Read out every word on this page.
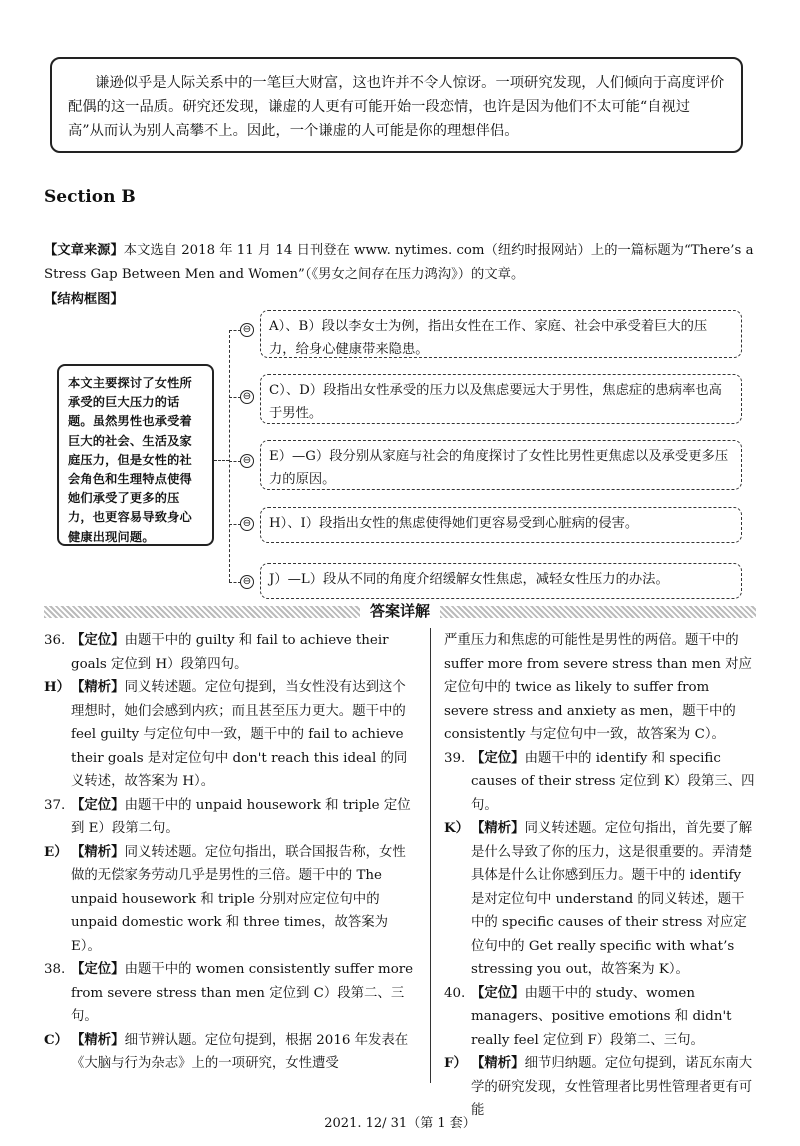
谦逊似乎是人际关系中的一笔巨大财富，这也许并不令人惊讶。一项研究发现，人们倾向于高度评价配偶的这一品质。研究还发现，谦虚的人更有可能开始一段恋情，也许是因为他们不太可能“自视过高”从而认为别人高攀不上。因此，一个谦虚的人可能是你的理想伴侣。
Section B
【文章来源】本文选自 2018 年 11 月 14 日刊登在 www. nytimes. com（纽约时报网站）上的一篇标题为“There’s a Stress Gap Between Men and Women”（《男女之间存在压力鸿沟》）的文章。
【结构框图】
本文主要探讨了女性所承受的巨大压力的话题。虽然男性也承受着巨大的社会、生活及家庭压力，但是女性的社会角色和生理特点使得她们承受了更多的压力，也更容易导致身心健康出现问题。
⊖	A）、B）段以李女士为例，指出女性在工作、家庭、社会中承受着巨大的压力，给身心健康带来隐患。
⊖	C）、D）段指出女性承受的压力以及焦虑要远大于男性，焦虑症的患病率也高于男性。
⊖	E）—G）段分别从家庭与社会的角度探讨了女性比男性更焦虑以及承受更多压力的原因。
⊖	H）、I）段指出女性的焦虑使得她们更容易受到心脏病的侵害。
⊖	J）—L）段从不同的角度介绍缓解女性焦虑，减轻女性压力的办法。
答案详解
36. 【定位】由题干中的 guilty 和 fail to achieve their goals 定位到 H）段第四句。
H） 【精析】同义转述题。定位句提到，当女性没有达到这个理想时，她们会感到内疚；而且甚至压力更大。题干中的 feel guilty 与定位句中一致，题干中的 fail to achieve their goals 是对定位句中 don't reach this ideal 的同义转述，故答案为 H）。
37. 【定位】由题干中的 unpaid housework 和 triple 定位到 E）段第二句。
E） 【精析】同义转述题。定位句指出，联合国报告称，女性做的无偿家务劳动几乎是男性的三倍。题干中的 The unpaid housework 和 triple 分别对应定位句中的 unpaid domestic work 和 three times，故答案为 E）。
38. 【定位】由题干中的 women consistently suffer more from severe stress than men 定位到 C）段第二、三句。
C） 【精析】细节辨认题。定位句提到，根据 2016 年发表在《大脑与行为杂志》上的一项研究，女性遭受
严重压力和焦虑的可能性是男性的两倍。题干中的 suffer more from severe stress than men 对应定位句中的 twice as likely to suffer from severe stress and anxiety as men，题干中的 consistently 与定位句中一致，故答案为 C）。
39. 【定位】由题干中的 identify 和 specific causes of their stress 定位到 K）段第三、四句。
K） 【精析】同义转述题。定位句指出，首先要了解是什么导致了你的压力，这是很重要的。弄清楚具体是什么让你感到压力。题干中的 identify 是对定位句中 understand 的同义转述，题干中的 specific causes of their stress 对应定位句中的 Get really specific with what’s stressing you out，故答案为 K）。
40. 【定位】由题干中的 study、women managers、positive emotions 和 didn't really feel 定位到 F）段第二、三句。
F） 【精析】细节归纳题。定位句提到，诺瓦东南大学的研究发现，女性管理者比男性管理者更有可能
2021. 12/ 31（第 1 套）
